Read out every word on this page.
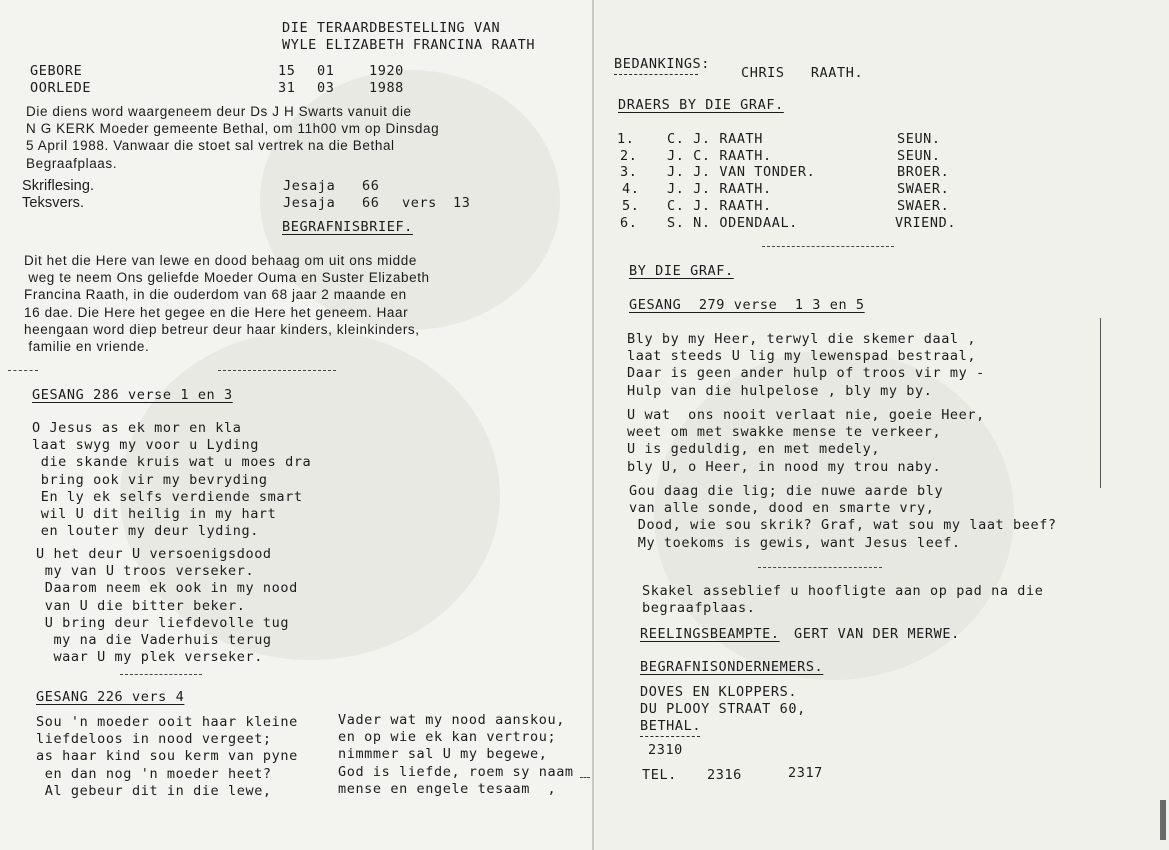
DIE TERAARDBESTELLING VAN
WYLE ELIZABETH FRANCINA RAATH
GEBORE	15 01	1920
OORLEDE	31 03	1988
Die diens word waargeneem deur Ds J H Swarts vanuit die
N G KERK Moeder gemeente Bethal, om 11h00 vm op Dinsdag
5 April 1988. Vanwaar die stoet sal vertrek na die Bethal
Begraafplaas.
Skriflesing.	Jesaja 66
Teksvers.	Jesaja 66 vers 13
BEGRAFNISBRIEF.
Dit het die Here van lewe en dood behaag om uit ons midde
weg te neem Ons geliefde Moeder Ouma en Suster Elizabeth
Francina Raath, in die ouderdom van 68 jaar 2 maande en
16 dae. Die Here het gegee en die Here het geneem. Haar
heengaan word diep betreur deur haar kinders, kleinkinders,
familie en vriende.
GESANG 286 verse 1 en 3
O Jesus as ek mor en kla
laat swyg my voor u Lyding
die skande kruis wat u moes dra
bring ook vir my bevryding
En ly ek selfs verdiende smart
wil U dit heilig in my hart
en louter my deur lyding.
U het deur U versoenigsdood
my van U troos verseker.
Daarom neem ek ook in my nood
van U die bitter beker.
U bring deur liefdevolle tug
my na die Vaderhuis terug
waar U my plek verseker.
GESANG 226 vers 4
Sou 'n moeder ooit haar kleine
liefdeloos in nood vergeet;
as haar kind sou kerm van pyne
en dan nog 'n moeder heet?
Al gebeur dit in die lewe,
Vader wat my nood aanskou,
en op wie ek kan vertrou;
nimmmer sal U my begewe,
God is liefde, roem sy naam
mense en engele tesaam  ,
BEDANKINGS:
CHRIS   RAATH.
DRAERS BY DIE GRAF.
1. C. J. RAATH	SEUN.
2. J. C. RAATH.	SEUN.
3. J. J. VAN TONDER.	BROER.
4. J. J. RAATH.	SWAER.
5. C. J. RAATH.	SWAER.
6. S. N. ODENDAAL.	VRIEND.
BY DIE GRAF.
GESANG  279 verse  1 3 en 5
Bly by my Heer, terwyl die skemer daal ,
laat steeds U lig my lewenspad bestraal,
Daar is geen ander hulp of troos vir my -
Hulp van die hulpelose , bly my by.
U wat  ons nooit verlaat nie, goeie Heer,
weet om met swakke mense te verkeer,
U is geduldig, en met medely,
bly U, o Heer, in nood my trou naby.
Gou daag die lig; die nuwe aarde bly
van alle sonde, dood en smarte vry,
Dood, wie sou skrik? Graf, wat sou my laat beef?
My toekoms is gewis, want Jesus leef.
Skakel asseblief u hoofligte aan op pad na die
begraafplaas.
REELINGSBEAMPTE. GERT VAN DER MERWE.
BEGRAFNISONDERNEMERS.
DOVES EN KLOPPERS.
DU PLOOY STRAAT 60,
BETHAL.
2310
TEL. 2316	2317
